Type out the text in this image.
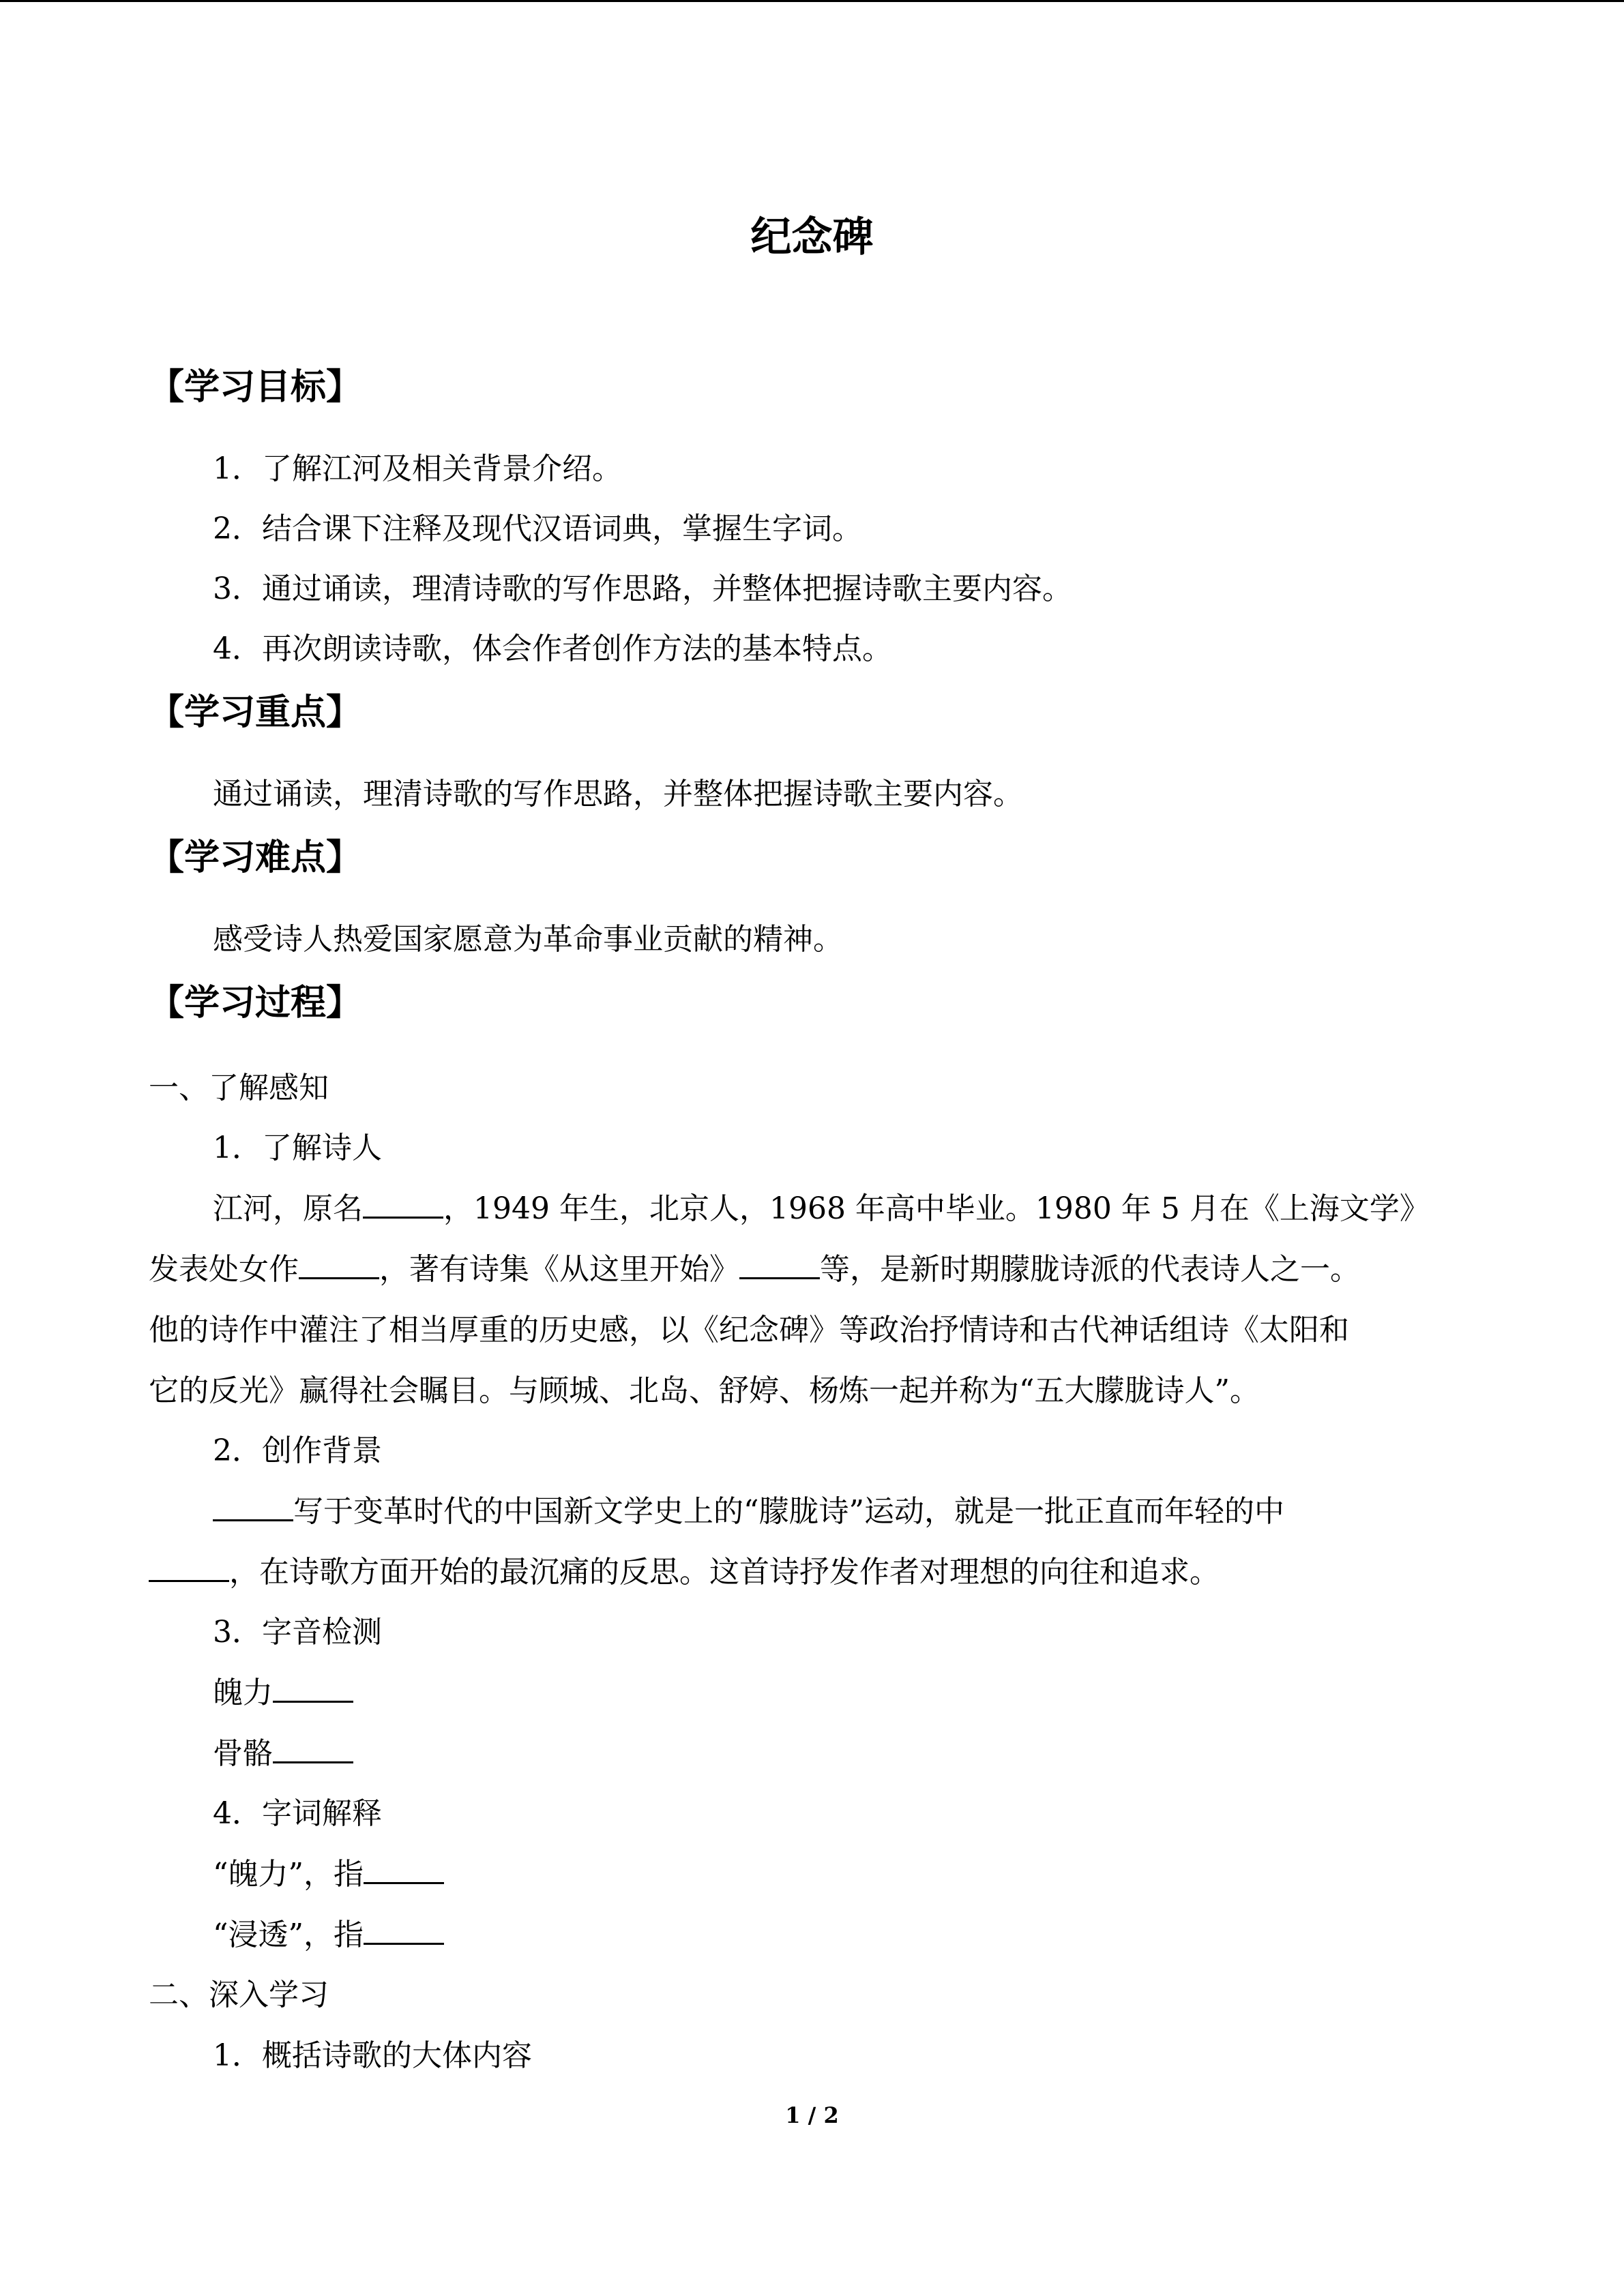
纪念碑
【学习目标】
1．了解江河及相关背景介绍。
2．结合课下注释及现代汉语词典，掌握生字词。
3．通过诵读，理清诗歌的写作思路，并整体把握诗歌主要内容。
4．再次朗读诗歌，体会作者创作方法的基本特点。
【学习重点】
通过诵读，理清诗歌的写作思路，并整体把握诗歌主要内容。
【学习难点】
感受诗人热爱国家愿意为革命事业贡献的精神。
【学习过程】
一、了解感知
1．了解诗人
江河，原名	，1949 年生，北京人，1968 年高中毕业。1980 年 5 月在《上海文学》
发表处女作	，著有诗集《从这里开始》	等，是新时期朦胧诗派的代表诗人之一。
他的诗作中灌注了相当厚重的历史感，以《纪念碑》等政治抒情诗和古代神话组诗《太阳和
它的反光》赢得社会瞩目。与顾城、北岛、舒婷、杨炼一起并称为“五大朦胧诗人”。
2．创作背景
写于变革时代的中国新文学史上的“朦胧诗”运动，就是一批正直而年轻的中
，在诗歌方面开始的最沉痛的反思。这首诗抒发作者对理想的向往和追求。
3．字音检测
魄力
骨骼
4．字词解释
“魄力”，指
“浸透”，指
二、深入学习
1．概括诗歌的大体内容
1 / 2
